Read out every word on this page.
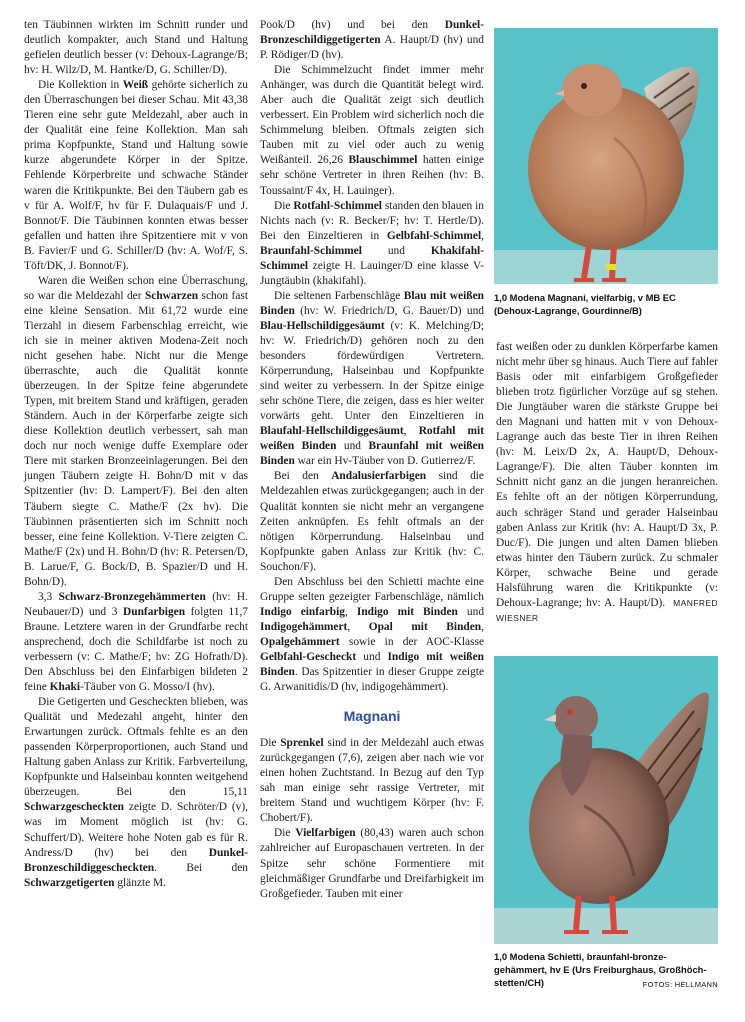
ten Täubinnen wirkten im Schnitt runder und deutlich kompakter, auch Stand und Haltung gefielen deutlich besser (v: Dehoux-Lagrange/B; hv: H. Wilz/D, M. Hantke/D, G. Schiller/D).

Die Kollektion in Weiß gehörte sicherlich zu den Überraschungen bei dieser Schau. Mit 43,38 Tieren eine sehr gute Meldezahl, aber auch in der Qualität eine feine Kollektion. Man sah prima Kopfpunkte, Stand und Haltung sowie kurze abgerundete Körper in der Spitze. Fehlende Körperbreite und schwache Ständer waren die Kritikpunkte. Bei den Täubern gab es v für A. Wolf/F, hv für F. Dulaquais/F und J. Bonnot/F. Die Täubinnen konnten etwas besser gefallen und hatten ihre Spitzentiere mit v von B. Favier/F und G. Schiller/D (hv: A. Wof/F, S. Töft/DK, J. Bonnot/F).

Waren die Weißen schon eine Überraschung, so war die Meldezahl der Schwarzen schon fast eine kleine Sensation. Mit 61,72 wurde eine Tierzahl in diesem Farbenschlag erreicht, wie ich sie in meiner aktiven Modena-Zeit noch nicht gesehen habe. Nicht nur die Menge überraschte, auch die Qualität konnte überzeugen. In der Spitze feine abgerundete Typen, mit breitem Stand und kräftigen, geraden Ständern. Auch in der Körperfarbe zeigte sich diese Kollektion deutlich verbessert, sah man doch nur noch wenige duffe Exemplare oder Tiere mit starken Bronzeeinlagerungen. Bei den jungen Täubern zeigte H. Bohn/D mit v das Spitzentier (hv: D. Lampert/F). Bei den alten Täubern siegte C. Mathe/F (2x hv). Die Täubinnen präsentierten sich im Schnitt noch besser, eine feine Kollektion. V-Tiere zeigten C. Mathe/F (2x) und H. Bohn/D (hv: R. Petersen/D, B. Larue/F, G. Bock/D, B. Spazier/D und H. Bohn/D).

3,3 Schwarz-Bronzegehämmerten (hv: H. Neubauer/D) und 3 Dunfarbigen folgten 11,7 Braune. Letztere waren in der Grundfarbe recht ansprechend, doch die Schildfarbe ist noch zu verbessern (v: C. Mathe/F; hv: ZG Hofrath/D). Den Abschluss bei den Einfarbigen bildeten 2 feine Khaki-Täuber von G. Mosso/I (hv).

Die Getigerten und Gescheckten blieben, was Qualität und Medezahl angeht, hinter den Erwartungen zurück. Oftmals fehlte es an den passenden Körperproportionen, auch Stand und Haltung gaben Anlass zur Kritik. Farbverteilung, Kopfpunkte und Halseinbau konnten weitgehend überzeugen. Bei den 15,11 Schwarzgescheckten zeigte D. Schröter/D (v), was im Moment möglich ist (hv: G. Schuffert/D). Weitere hohe Noten gab es für R. Andress/D (hv) bei den Dunkel-Bronzeschildiggescheckten. Bei den Schwarzgetigerten glänzte M.

Pook/D (hv) und bei den Dunkel-Bronzeschildiggetigerten A. Haupt/D (hv) und P. Rödiger/D (hv).

Die Schimmelzucht findet immer mehr Anhänger, was durch die Quantität belegt wird. Aber auch die Qualität zeigt sich deutlich verbessert. Ein Problem wird sicherlich noch die Schimmelung bleiben. Oftmals zeigten sich Tauben mit zu viel oder auch zu wenig Weißanteil. 26,26 Blauschimmel hatten einige sehr schöne Vertreter in ihren Reihen (hv: B. Toussaint/F 4x, H. Lauinger).

Die Rotfahl-Schimmel standen den blauen in Nichts nach (v: R. Becker/F; hv: T. Hertle/D). Bei den Einzeltieren in Gelbfahl-Schimmel, Braunfahl-Schimmel und Khakifahl-Schimmel zeigte H. Lauinger/D eine klasse V-Jungtäubin (khakifahl).

Die seltenen Farbenschläge Blau mit weißen Binden (hv: W. Friedrich/D, G. Bauer/D) und Blau-Hellschildiggesäumt (v: K. Melching/D; hv: W. Friedrich/D) gehören noch zu den besonders fördewürdigen Vertretern. Körperrundung, Halseinbau und Kopfpunkte sind weiter zu verbessern. In der Spitze einige sehr schöne Tiere, die zeigen, dass es hier weiter vorwärts geht. Unter den Einzeltieren in Blaufahl-Hellschildiggesäumt, Rotfahl mit weißen Binden und Braunfahl mit weißen Binden war ein Hv-Täuber von D. Gutierrez/F.

Bei den Andalusierfarbigen sind die Meldezahlen etwas zurückgegangen; auch in der Qualität konnten sie nicht mehr an vergangene Zeiten anknüpfen. Es fehlt oftmals an der nötigen Körperrundung. Halseinbau und Kopfpunkte gaben Anlass zur Kritik (hv: C. Souchon/F).

Den Abschluss bei den Schietti machte eine Gruppe selten gezeigter Farbenschläge, nämlich Indigo einfarbig, Indigo mit Binden und Indigogehämmert, Opal mit Binden, Opalgehämmert sowie in der AOC-Klasse Gelbfahl-Gescheckt und Indigo mit weißen Binden. Das Spitzentier in dieser Gruppe zeigte G. Arwanitidis/D (hv, indigogehämmert).

Magnani

Die Sprenkel sind in der Meldezahl auch etwas zurückgegangen (7,6), zeigen aber nach wie vor einen hohen Zuchtstand. In Bezug auf den Typ sah man einige sehr rassige Vertreter, mit breitem Stand und wuchtigem Körper (hv: F. Chobert/F).

Die Vielfarbigen (80,43) waren auch schon zahlreicher auf Europaschauen vertreten. In der Spitze sehr schöne Formentiere mit gleichmäßiger Grundfarbe und Dreifarbigkeit im Großgefieder. Tauben mit einer

1,0 Modena Magnani, vielfarbig, v MB EC
(Dehoux-Lagrange, Gourdinne/B)

fast weißen oder zu dunklen Körperfarbe kamen nicht mehr über sg hinaus. Auch Tiere auf fahler Basis oder mit einfarbigem Großgefieder blieben trotz figürlicher Vorzüge auf sg stehen. Die Jungtäuber waren die stärkste Gruppe bei den Magnani und hatten mit v von Dehoux-Lagrange auch das beste Tier in ihren Reihen (hv: M. Leix/D 2x, A. Haupt/D, Dehoux-Lagrange/F). Die alten Täuber konnten im Schnitt nicht ganz an die jungen heranreichen. Es fehlte oft an der nötigen Körperrundung, auch schräger Stand und gerader Halseinbau gaben Anlass zur Kritik (hv: A. Haupt/D 3x, P. Duc/F). Die jungen und alten Damen blieben etwas hinter den Täubern zurück. Zu schmaler Körper, schwache Beine und gerade Halsführung waren die Kritikpunkte (v: Dehoux-Lagrange; hv: A. Haupt/D). MANFRED WIESNER

1,0 Modena Schietti, braunfahl-bronze-
gehämmert, hv E (Urs Freiburghaus, Großhöch-
stetten/CH)	FOTOS: HELLMANN
